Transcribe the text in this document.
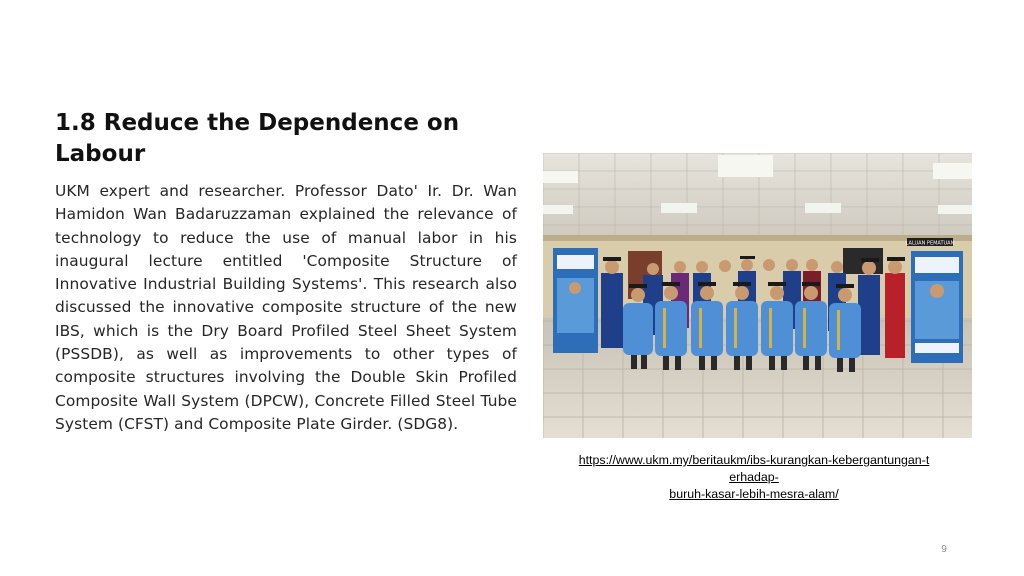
1.8 Reduce the Dependence on Labour
UKM expert and researcher. Professor Dato' Ir. Dr. Wan Hamidon Wan Badaruzzaman explained the relevance of technology to reduce the use of manual labor in his inaugural lecture entitled 'Composite Structure of Innovative Industrial Building Systems'. This research also discussed the innovative composite structure of the new IBS, which is the Dry Board Profiled Steel Sheet System (PSSDB), as well as improvements to other types of composite structures involving the Double Skin Profiled Composite Wall System (DPCW), Concrete Filled Steel Tube System (CFST) and Composite Plate Girder. (SDG8).
LALUAN PEMATUAN
https://www.ukm.my/beritaukm/ibs-kurangkan-kebergantungan-t
erhadap-
buruh-kasar-lebih-mesra-alam/
9
